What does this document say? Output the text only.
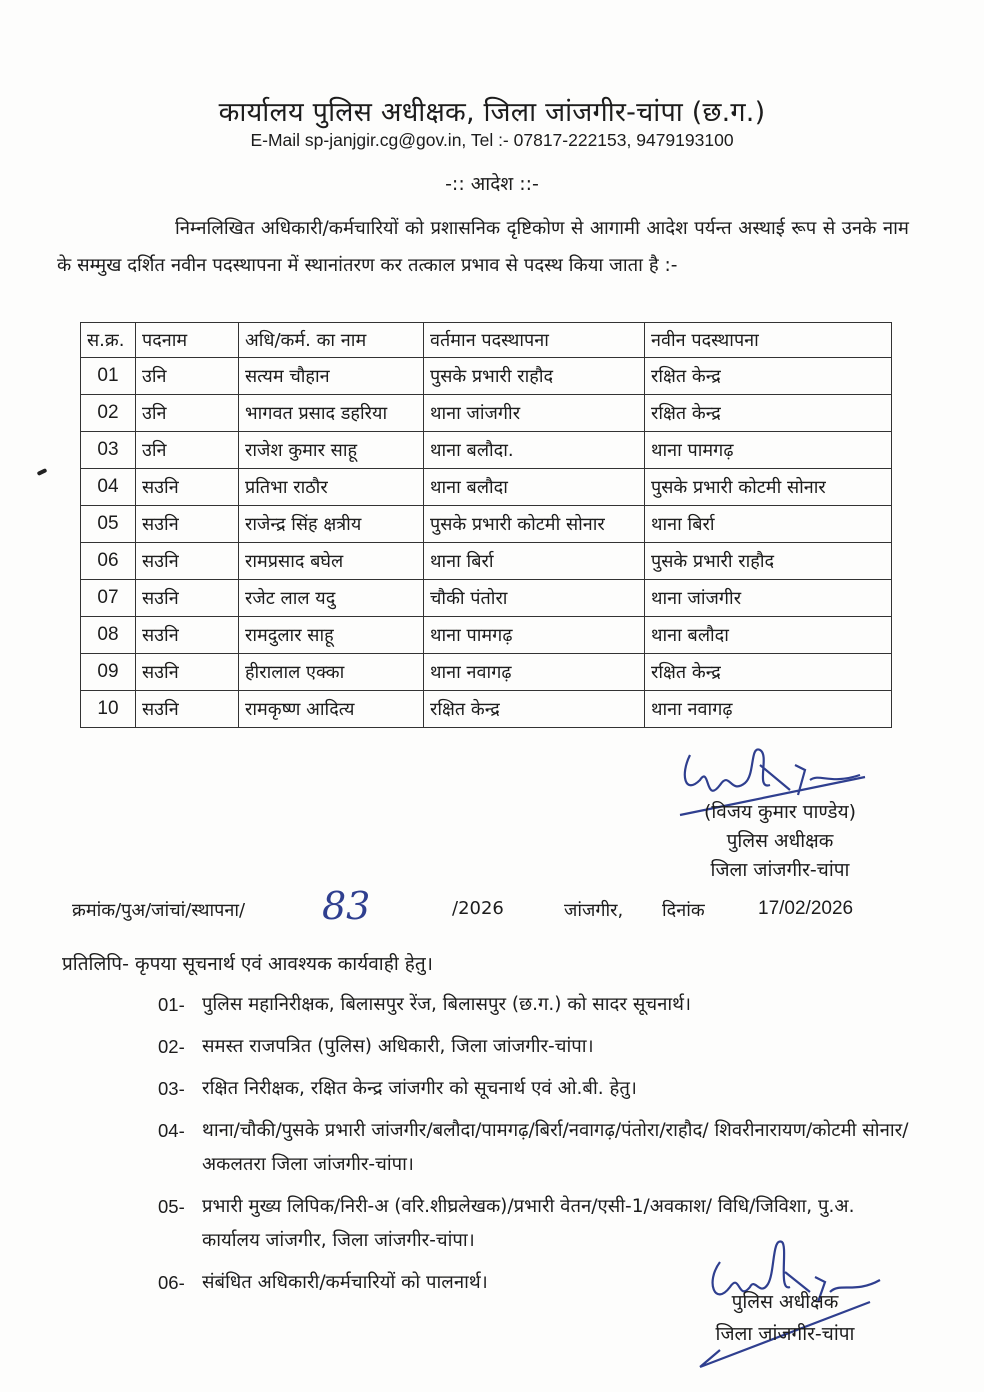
कार्यालय पुलिस अधीक्षक, जिला जांजगीर-चांपा (छ.ग.)
E-Mail sp-janjgir.cg@gov.in, Tel :- 07817-222153, 9479193100
-:: आदेश ::-
निम्नलिखित अधिकारी/कर्मचारियों को प्रशासनिक दृष्टिकोण से आगामी आदेश पर्यन्त अस्थाई रूप से उनके नाम के सम्मुख दर्शित नवीन पदस्थापना में स्थानांतरण कर तत्काल प्रभाव से पदस्थ किया जाता है :-
स.क्र.	पदनाम	अधि/कर्म. का नाम	वर्तमान पदस्थापना	नवीन पदस्थापना
01	उनि	सत्यम चौहान	पुसके प्रभारी राहौद	रक्षित केन्द्र
02	उनि	भागवत प्रसाद डहरिया	थाना जांजगीर	रक्षित केन्द्र
03	उनि	राजेश कुमार साहू	थाना बलौदा.	थाना पामगढ़
04	सउनि	प्रतिभा राठौर	थाना बलौदा	पुसके प्रभारी कोटमी सोनार
05	सउनि	राजेन्द्र सिंह क्षत्रीय	पुसके प्रभारी कोटमी सोनार	थाना बिर्रा
06	सउनि	रामप्रसाद बघेल	थाना बिर्रा	पुसके प्रभारी राहौद
07	सउनि	रजेट लाल यदु	चौकी पंतोरा	थाना जांजगीर
08	सउनि	रामदुलार साहू	थाना पामगढ़	थाना बलौदा
09	सउनि	हीरालाल एक्का	थाना नवागढ़	रक्षित केन्द्र
10	सउनि	रामकृष्ण आदित्य	रक्षित केन्द्र	थाना नवागढ़
(विजय कुमार पाण्डेय)
पुलिस अधीक्षक
जिला जांजगीर-चांपा
क्रमांक/पुअ/जांचां/स्थापना/ 83	/2026	जांजगीर, दिनांक	17/02/2026
प्रतिलिपि- कृपया सूचनार्थ एवं आवश्यक कार्यवाही हेतु।
01- पुलिस महानिरीक्षक, बिलासपुर रेंज, बिलासपुर (छ.ग.) को सादर सूचनार्थ।
02- समस्त राजपत्रित (पुलिस) अधिकारी, जिला जांजगीर-चांपा।
03- रक्षित निरीक्षक, रक्षित केन्द्र जांजगीर को सूचनार्थ एवं ओ.बी. हेतु।
04- थाना/चौकी/पुसके प्रभारी जांजगीर/बलौदा/पामगढ़/बिर्रा/नवागढ़/पंतोरा/राहौद/ शिवरीनारायण/कोटमी सोनार/अकलतरा जिला जांजगीर-चांपा।
05- प्रभारी मुख्य लिपिक/निरी-अ (वरि.शीघ्रलेखक)/प्रभारी वेतन/एसी-1/अवकाश/ विधि/जिविशा, पु.अ. कार्यालय जांजगीर, जिला जांजगीर-चांपा।
06- संबंधित अधिकारी/कर्मचारियों को पालनार्थ।
पुलिस अधीक्षक
जिला जांजगीर-चांपा
